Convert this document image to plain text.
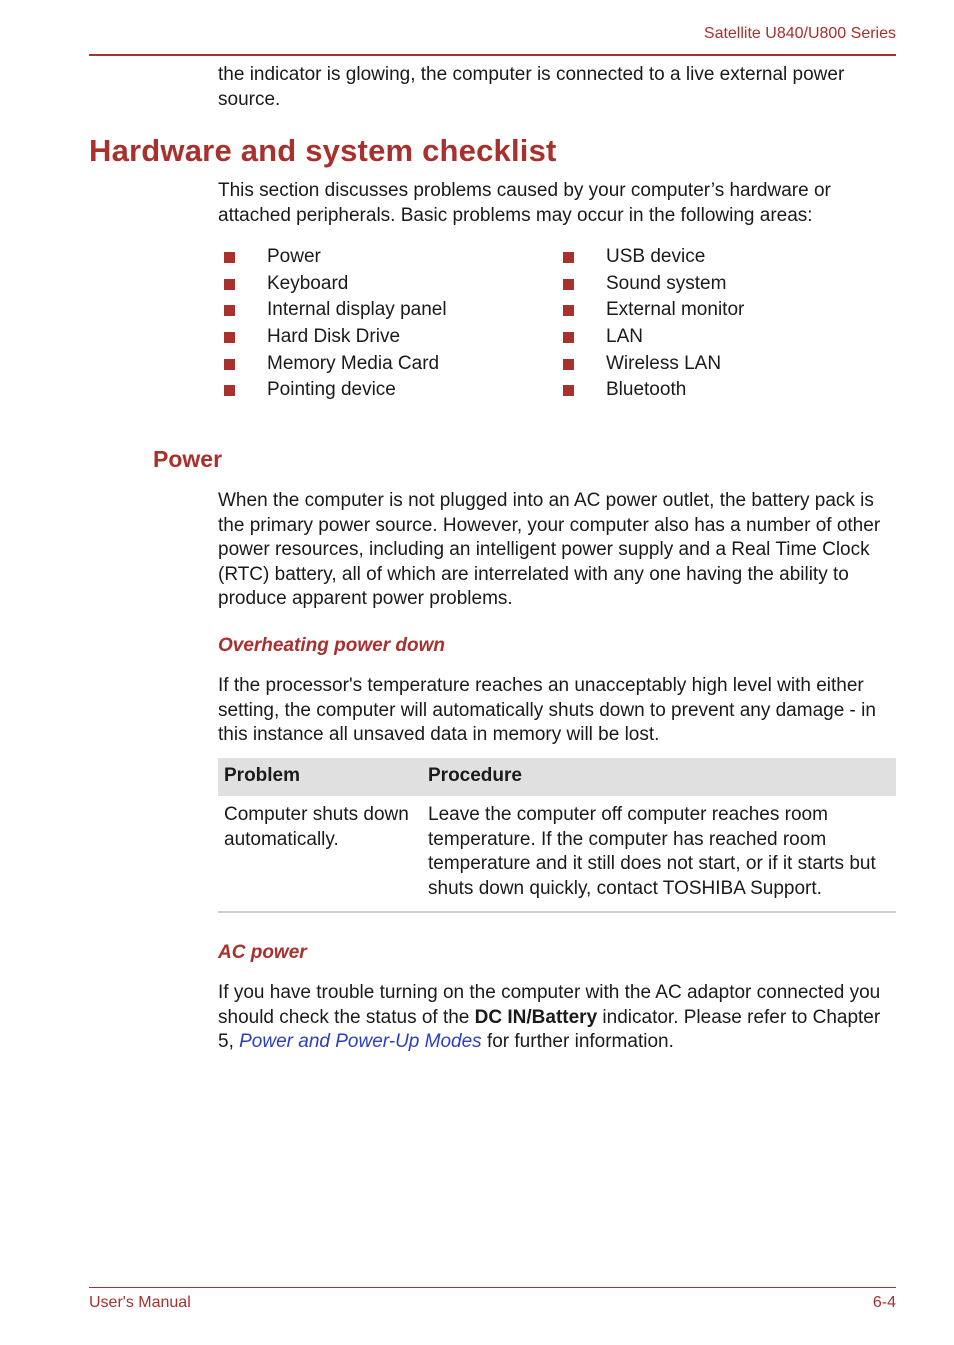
Satellite U840/U800 Series

the indicator is glowing, the computer is connected to a live external power source.

Hardware and system checklist

This section discusses problems caused by your computer’s hardware or attached peripherals. Basic problems may occur in the following areas:

Power
Keyboard
Internal display panel
Hard Disk Drive
Memory Media Card
Pointing device
USB device
Sound system
External monitor
LAN
Wireless LAN
Bluetooth
Power

When the computer is not plugged into an AC power outlet, the battery pack is the primary power source. However, your computer also has a number of other power resources, including an intelligent power supply and a Real Time Clock (RTC) battery, all of which are interrelated with any one having the ability to produce apparent power problems.

Overheating power down

If the processor's temperature reaches an unacceptably high level with either setting, the computer will automatically shuts down to prevent any damage - in this instance all unsaved data in memory will be lost.

Problem	Procedure
Computer shuts down automatically.	Leave the computer off computer reaches room temperature. If the computer has reached room temperature and it still does not start, or if it starts but shuts down quickly, contact TOSHIBA Support.
AC power

If you have trouble turning on the computer with the AC adaptor connected you should check the status of the DC IN/Battery indicator. Please refer to Chapter 5, Power and Power-Up Modes for further information.

User's Manual	6-4
